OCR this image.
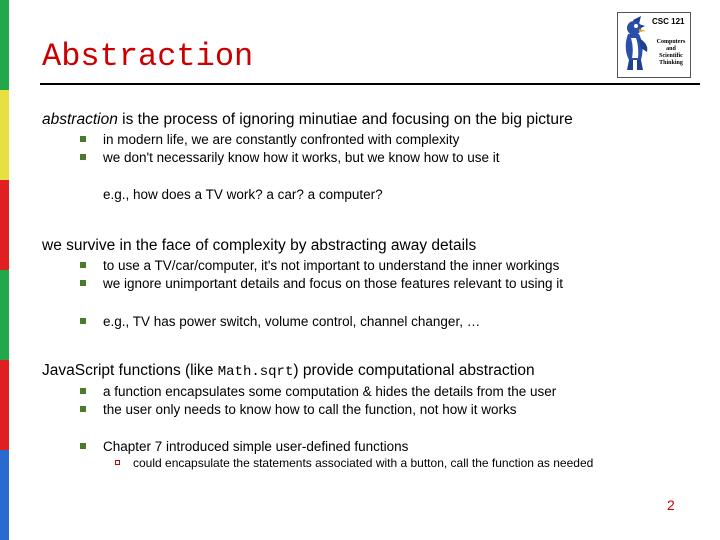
Abstraction
CSC 121
Computers
and
Scientific
Thinking
abstraction is the process of ignoring minutiae and focusing on the big picture
in modern life, we are constantly confronted with complexity
we don't necessarily know how it works, but we know how to use it
e.g., how does a TV work? a car? a computer?
we survive in the face of complexity by abstracting away details
to use a TV/car/computer, it's not important to understand the inner workings
we ignore unimportant details and focus on those features relevant to using it
e.g., TV has power switch, volume control, channel changer, …
JavaScript functions (like Math.sqrt) provide computational abstraction
a function encapsulates some computation & hides the details from the user
the user only needs to know how to call the function, not how it works
Chapter 7 introduced simple user-defined functions
could encapsulate the statements associated with a button, call the function as needed
2
